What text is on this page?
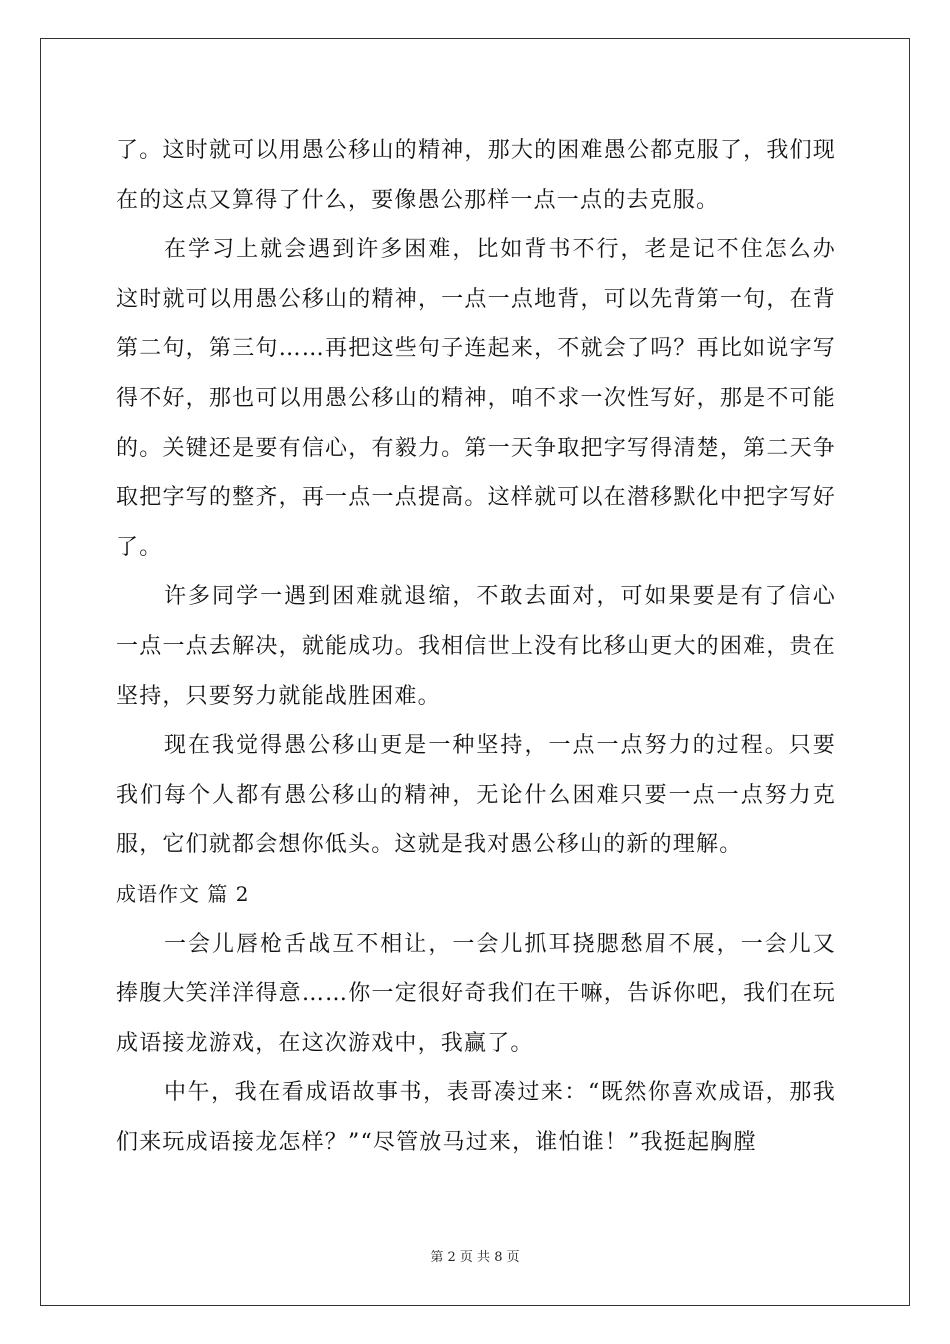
了。这时就可以用愚公移山的精神，那大的困难愚公都克服了，我们现在的这点又算得了什么，要像愚公那样一点一点的去克服。

在学习上就会遇到许多困难，比如背书不行，老是记不住怎么办这时就可以用愚公移山的精神，一点一点地背，可以先背第一句，在背第二句，第三句……再把这些句子连起来，不就会了吗？再比如说字写得不好，那也可以用愚公移山的精神，咱不求一次性写好，那是不可能的。关键还是要有信心，有毅力。第一天争取把字写得清楚，第二天争取把字写的整齐，再一点一点提高。这样就可以在潜移默化中把字写好了。

许多同学一遇到困难就退缩，不敢去面对，可如果要是有了信心一点一点去解决，就能成功。我相信世上没有比移山更大的困难，贵在坚持，只要努力就能战胜困难。

现在我觉得愚公移山更是一种坚持，一点一点努力的过程。只要我们每个人都有愚公移山的精神，无论什么困难只要一点一点努力克服，它们就都会想你低头。这就是我对愚公移山的新的理解。

成语作文 篇 2

一会儿唇枪舌战互不相让，一会儿抓耳挠腮愁眉不展，一会儿又捧腹大笑洋洋得意……你一定很好奇我们在干嘛，告诉你吧，我们在玩成语接龙游戏，在这次游戏中，我赢了。

中午，我在看成语故事书，表哥凑过来：“既然你喜欢成语，那我们来玩成语接龙怎样？”“尽管放马过来，谁怕谁！”我挺起胸膛

第 2 页 共 8 页
